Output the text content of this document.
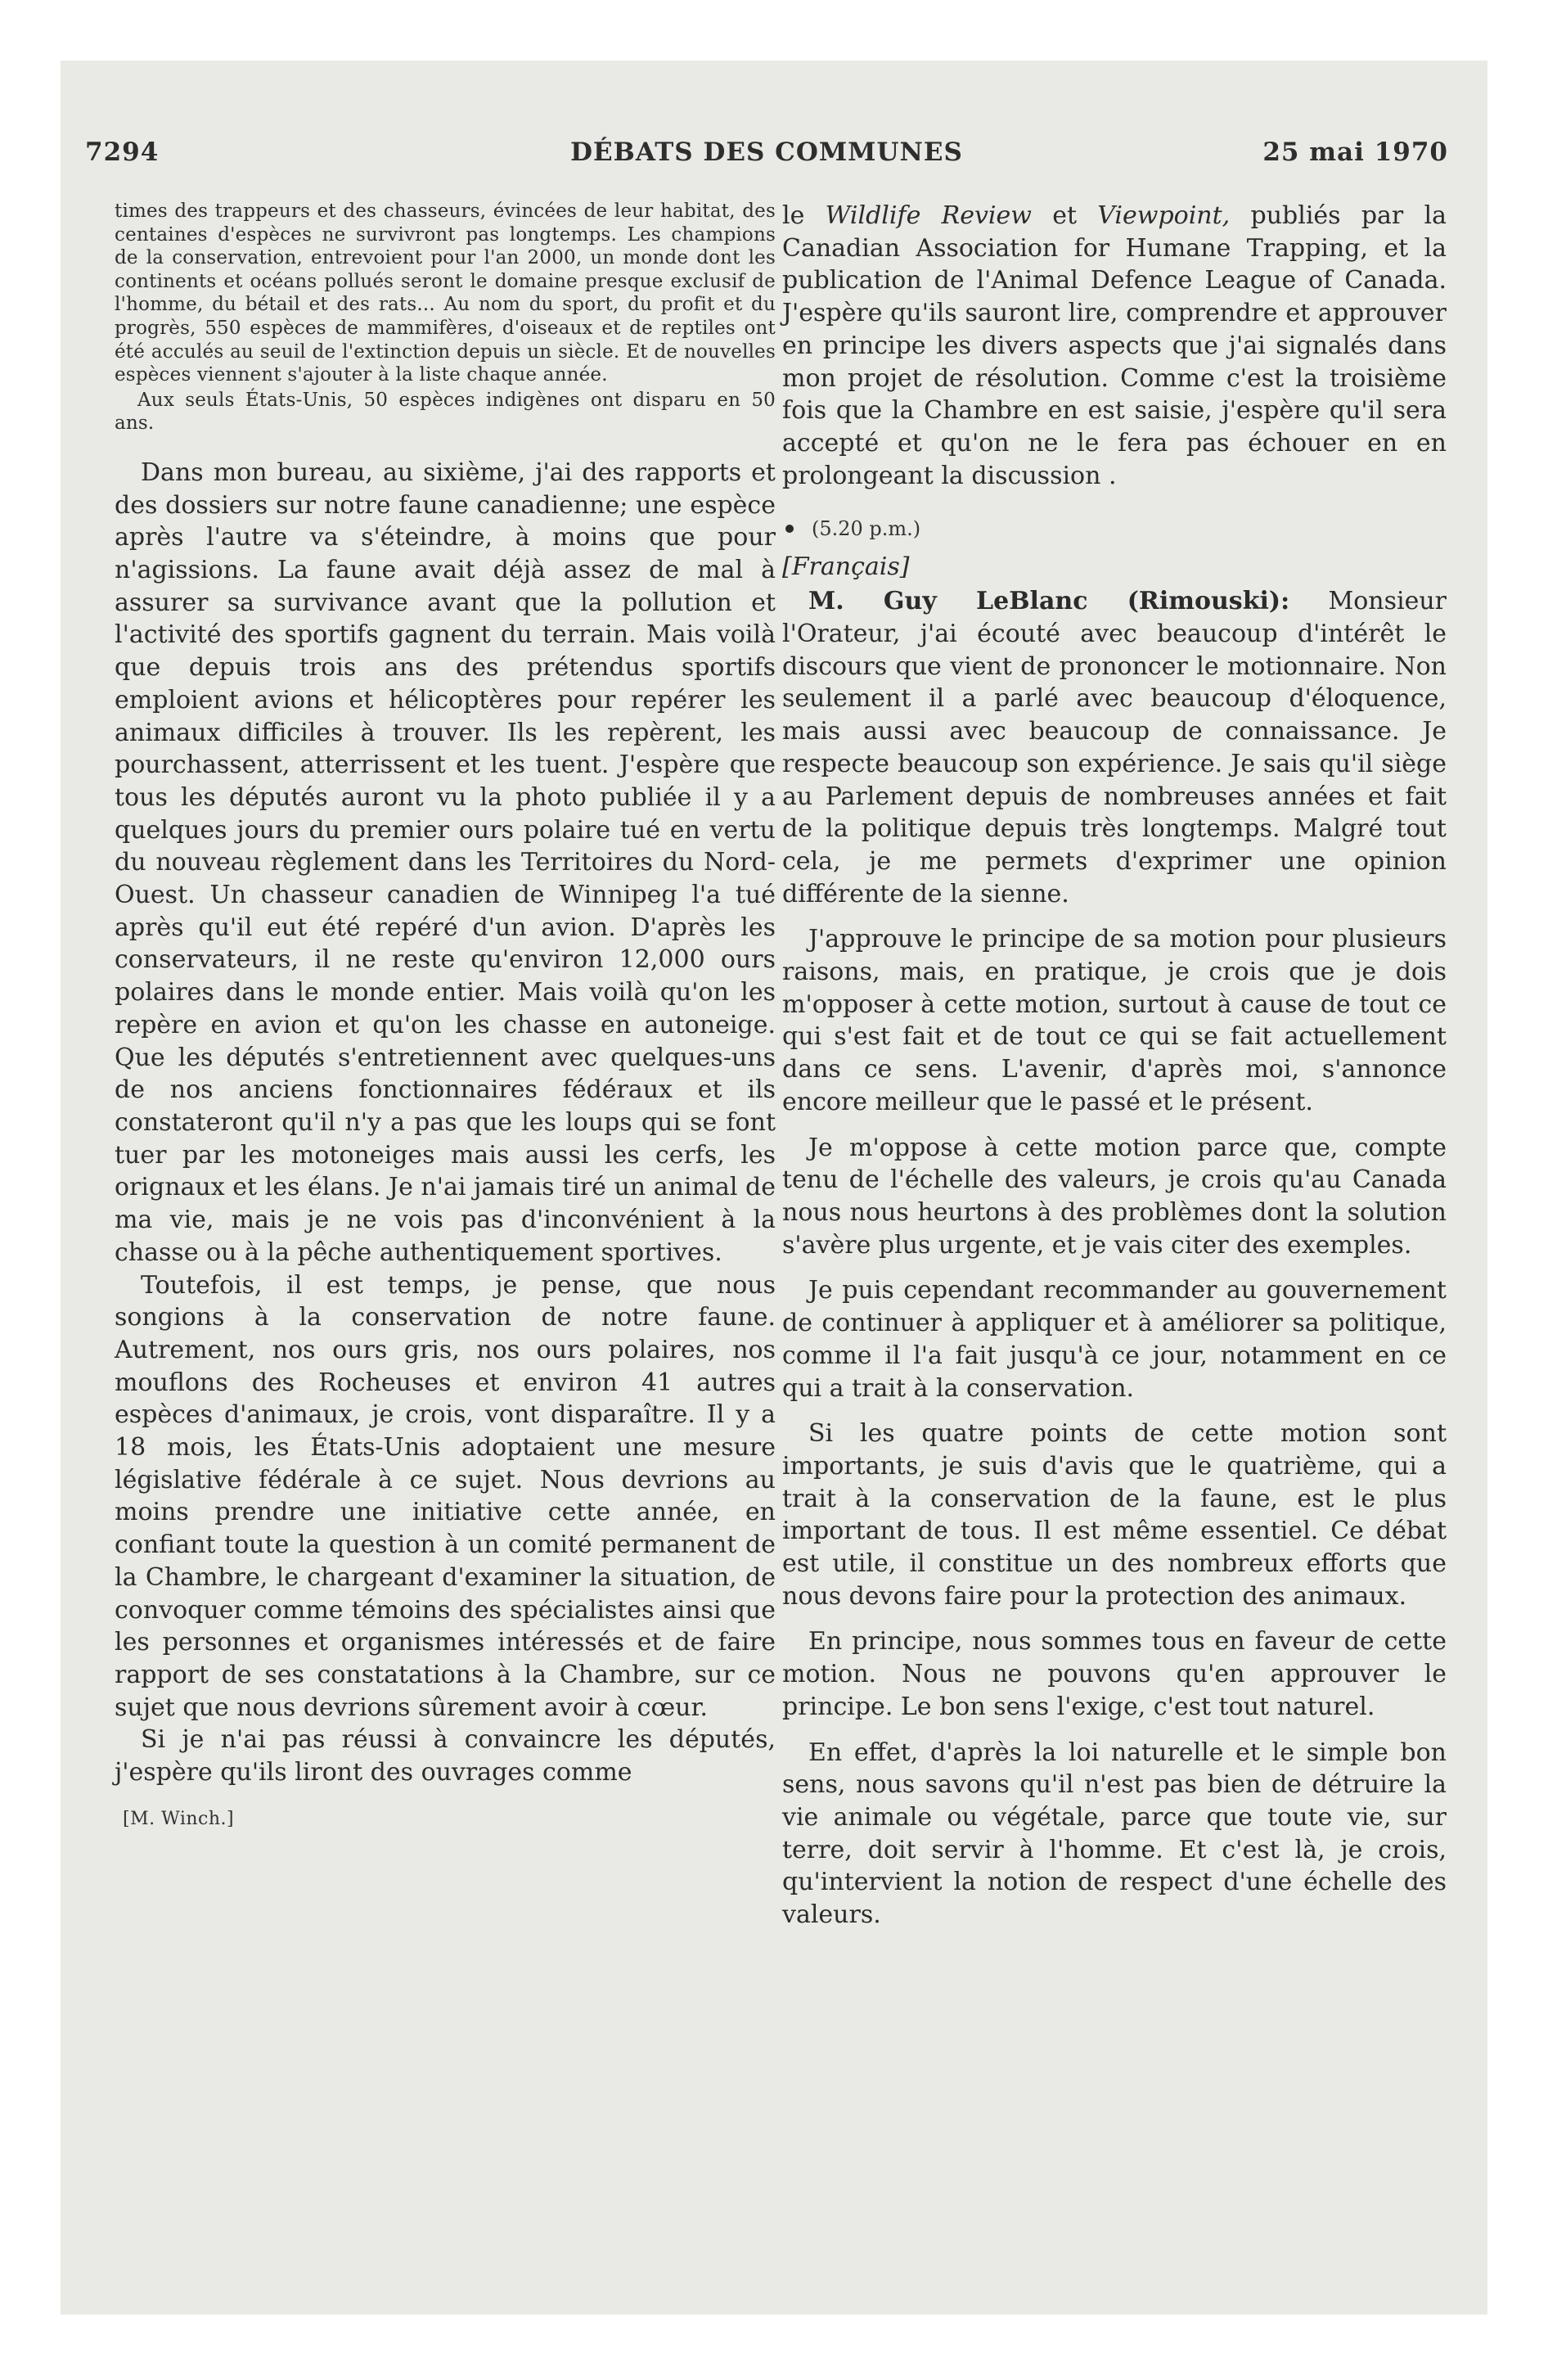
7294	DÉBATS DES COMMUNES	25 mai 1970

times des trappeurs et des chasseurs, évincées de leur habitat, des centaines d'espèces ne survivront pas longtemps. Les champions de la conservation, entrevoient pour l'an 2000, un monde dont les continents et océans pollués seront le domaine presque exclusif de l'homme, du bétail et des rats... Au nom du sport, du profit et du progrès, 550 espèces de mammifères, d'oiseaux et de reptiles ont été acculés au seuil de l'extinction depuis un siècle. Et de nouvelles espèces viennent s'ajouter à la liste chaque année.

Aux seuls États-Unis, 50 espèces indigènes ont disparu en 50 ans.

Dans mon bureau, au sixième, j'ai des rapports et des dossiers sur notre faune canadienne; une espèce après l'autre va s'éteindre, à moins que pour n'agissions. La faune avait déjà assez de mal à assurer sa survivance avant que la pollution et l'activité des sportifs gagnent du terrain. Mais voilà que depuis trois ans des prétendus sportifs emploient avions et hélicoptères pour repérer les animaux difficiles à trouver. Ils les repèrent, les pourchassent, atterrissent et les tuent. J'espère que tous les députés auront vu la photo publiée il y a quelques jours du premier ours polaire tué en vertu du nouveau règlement dans les Territoires du Nord-Ouest. Un chasseur canadien de Winnipeg l'a tué après qu'il eut été repéré d'un avion. D'après les conservateurs, il ne reste qu'environ 12,000 ours polaires dans le monde entier. Mais voilà qu'on les repère en avion et qu'on les chasse en autoneige. Que les députés s'entretiennent avec quelques-uns de nos anciens fonctionnaires fédéraux et ils constateront qu'il n'y a pas que les loups qui se font tuer par les motoneiges mais aussi les cerfs, les orignaux et les élans. Je n'ai jamais tiré un animal de ma vie, mais je ne vois pas d'inconvénient à la chasse ou à la pêche authentiquement sportives.

Toutefois, il est temps, je pense, que nous songions à la conservation de notre faune. Autrement, nos ours gris, nos ours polaires, nos mouflons des Rocheuses et environ 41 autres espèces d'animaux, je crois, vont disparaître. Il y a 18 mois, les États-Unis adoptaient une mesure législative fédérale à ce sujet. Nous devrions au moins prendre une initiative cette année, en confiant toute la question à un comité permanent de la Chambre, le chargeant d'examiner la situation, de convoquer comme témoins des spécialistes ainsi que les personnes et organismes intéressés et de faire rapport de ses constatations à la Chambre, sur ce sujet que nous devrions sûrement avoir à cœur.

Si je n'ai pas réussi à convaincre les députés, j'espère qu'ils liront des ouvrages comme

[M. Winch.]

le Wildlife Review et Viewpoint, publiés par la Canadian Association for Humane Trapping, et la publication de l'Animal Defence League of Canada. J'espère qu'ils sauront lire, comprendre et approuver en principe les divers aspects que j'ai signalés dans mon projet de résolution. Comme c'est la troisième fois que la Chambre en est saisie, j'espère qu'il sera accepté et qu'on ne le fera pas échouer en en prolongeant la discussion .

(5.20 p.m.)
[Français]

M. Guy LeBlanc (Rimouski): Monsieur l'Orateur, j'ai écouté avec beaucoup d'intérêt le discours que vient de prononcer le motionnaire. Non seulement il a parlé avec beaucoup d'éloquence, mais aussi avec beaucoup de connaissance. Je respecte beaucoup son expérience. Je sais qu'il siège au Parlement depuis de nombreuses années et fait de la politique depuis très longtemps. Malgré tout cela, je me permets d'exprimer une opinion différente de la sienne.

J'approuve le principe de sa motion pour plusieurs raisons, mais, en pratique, je crois que je dois m'opposer à cette motion, surtout à cause de tout ce qui s'est fait et de tout ce qui se fait actuellement dans ce sens. L'avenir, d'après moi, s'annonce encore meilleur que le passé et le présent.

Je m'oppose à cette motion parce que, compte tenu de l'échelle des valeurs, je crois qu'au Canada nous nous heurtons à des problèmes dont la solution s'avère plus urgente, et je vais citer des exemples.

Je puis cependant recommander au gouvernement de continuer à appliquer et à améliorer sa politique, comme il l'a fait jusqu'à ce jour, notamment en ce qui a trait à la conservation.

Si les quatre points de cette motion sont importants, je suis d'avis que le quatrième, qui a trait à la conservation de la faune, est le plus important de tous. Il est même essentiel. Ce débat est utile, il constitue un des nombreux efforts que nous devons faire pour la protection des animaux.

En principe, nous sommes tous en faveur de cette motion. Nous ne pouvons qu'en approuver le principe. Le bon sens l'exige, c'est tout naturel.

En effet, d'après la loi naturelle et le simple bon sens, nous savons qu'il n'est pas bien de détruire la vie animale ou végétale, parce que toute vie, sur terre, doit servir à l'homme. Et c'est là, je crois, qu'intervient la notion de respect d'une échelle des valeurs.
